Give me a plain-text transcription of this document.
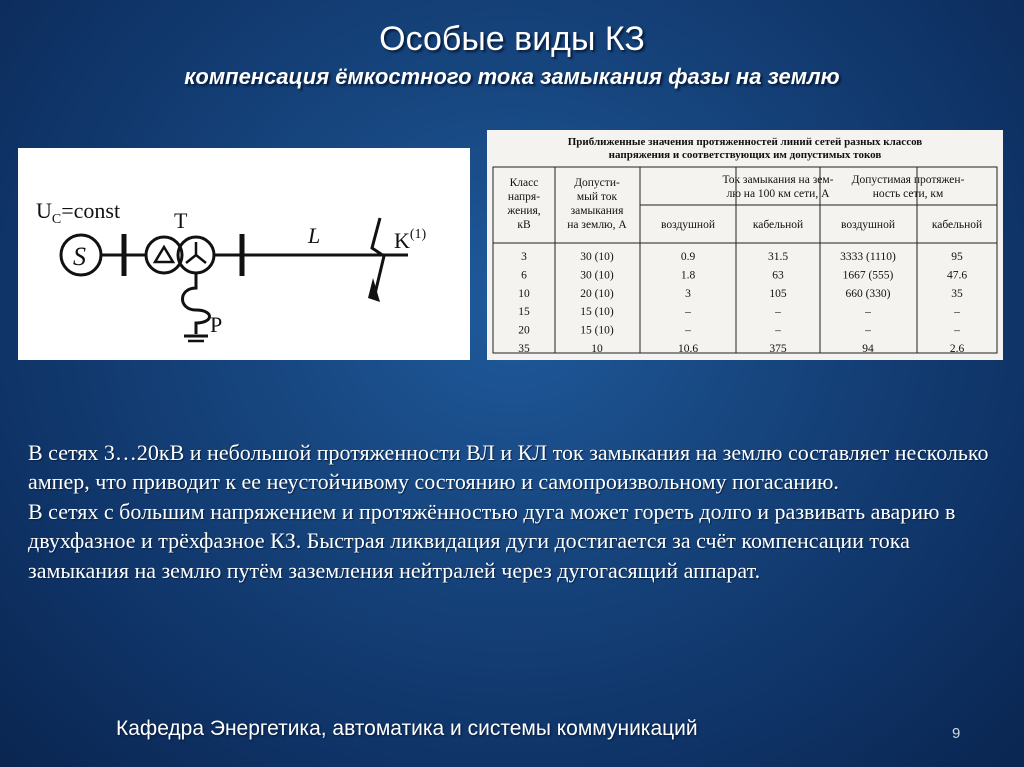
Особые виды КЗ
компенсация ёмкостного тока замыкания фазы на землю
$U_C=const$
S
T
P
L	$K^{(1)}$
Приближенные значения протяженностей линий сетей разных классов
напряжения и соответствующих им допустимых токов
Класс
напря-
жения,
кВ
Допусти-
мый ток
замыкания
на землю, А
Ток замыкания на зем-
лю на 100 км сети, А
Допустимая протяжен-
ность сети, км
воздушной	кабельной	воздушной	кабельной
3	30 (10)	0.9	31.5	3333 (1110)	95
6	30 (10)	1.8	63	1667 (555)	47.6
10	20 (10)	3	105	660 (330)	35
15	15 (10)	–	–	–	–
20	15 (10)	–	–	–	–
35	10	10.6	375	94	2.6

В сетях 3…20кВ и небольшой протяженности ВЛ и КЛ ток замыкания на землю составляет несколько ампер, что приводит к ее неустойчивому состоянию и самопроизвольному погасанию.

В сетях с большим напряжением и протяжённостью дуга может гореть долго и развивать аварию в двухфазное и трёхфазное КЗ. Быстрая ликвидация дуги достигается за счёт компенсации тока замыкания на землю путём заземления нейтралей через дугогасящий аппарат.

Кафедра Энергетика, автоматика и системы коммуникаций	9
